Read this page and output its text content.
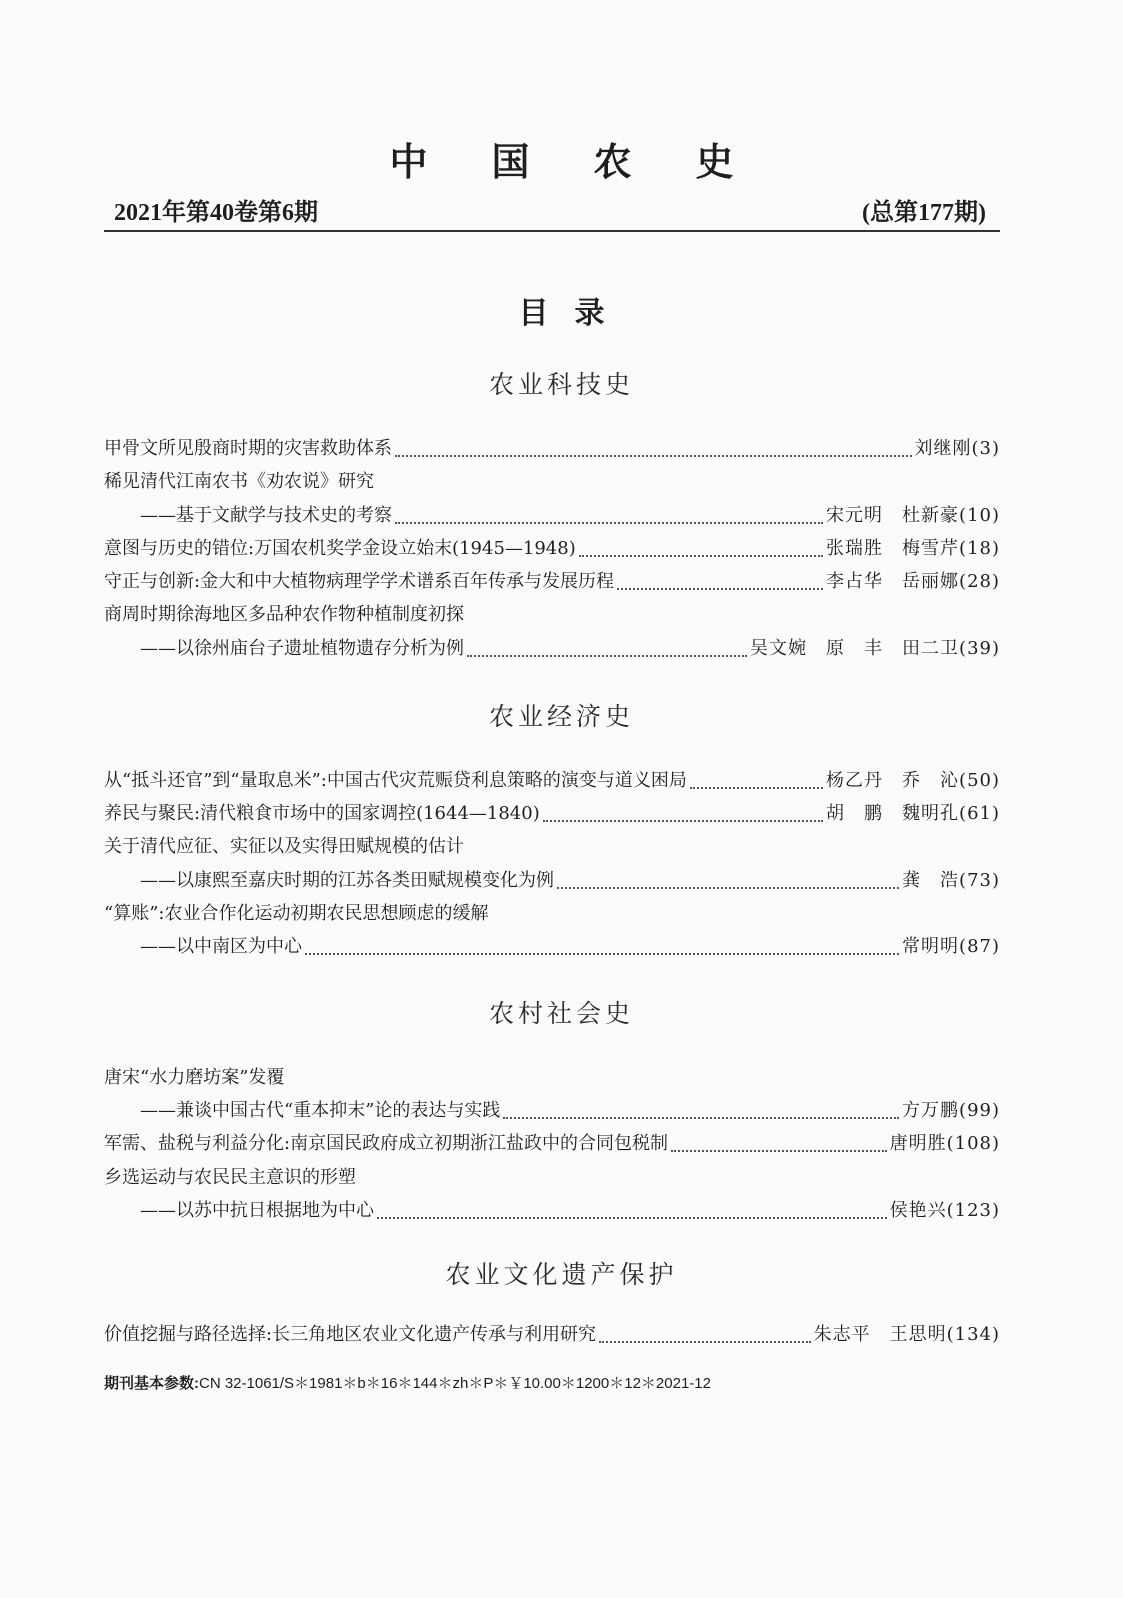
中国农史
2021年第40卷第6期	(总第177期)
目录
农业科技史
甲骨文所见殷商时期的灾害救助体系	刘继刚(3)
稀见清代江南农书《劝农说》研究
——基于文献学与技术史的考察	宋元明　杜新豪(10)
意图与历史的错位:万国农机奖学金设立始末(1945—1948)	张瑞胜　梅雪芹(18)
守正与创新:金大和中大植物病理学学术谱系百年传承与发展历程	李占华　岳丽娜(28)
商周时期徐海地区多品种农作物种植制度初探
——以徐州庙台子遗址植物遗存分析为例	吴文婉　原　丰　田二卫(39)
农业经济史
从“抵斗还官”到“量取息米”:中国古代灾荒赈贷利息策略的演变与道义困局	杨乙丹　乔　沁(50)
养民与聚民:清代粮食市场中的国家调控(1644—1840)	胡　鹏　魏明孔(61)
关于清代应征、实征以及实得田赋规模的估计
——以康熙至嘉庆时期的江苏各类田赋规模变化为例	龚　浩(73)
“算账”:农业合作化运动初期农民思想顾虑的缓解
——以中南区为中心	常明明(87)
农村社会史
唐宋“水力磨坊案”发覆
——兼谈中国古代“重本抑末”论的表达与实践	方万鹏(99)
军需、盐税与利益分化:南京国民政府成立初期浙江盐政中的合同包税制	唐明胜(108)
乡选运动与农民民主意识的形塑
——以苏中抗日根据地为中心	侯艳兴(123)
农业文化遗产保护
价值挖掘与路径选择:长三角地区农业文化遗产传承与利用研究	朱志平　王思明(134)
期刊基本参数:CN 32-1061/S＊1981＊b＊16＊144＊zh＊P＊￥10.00＊1200＊12＊2021-12
